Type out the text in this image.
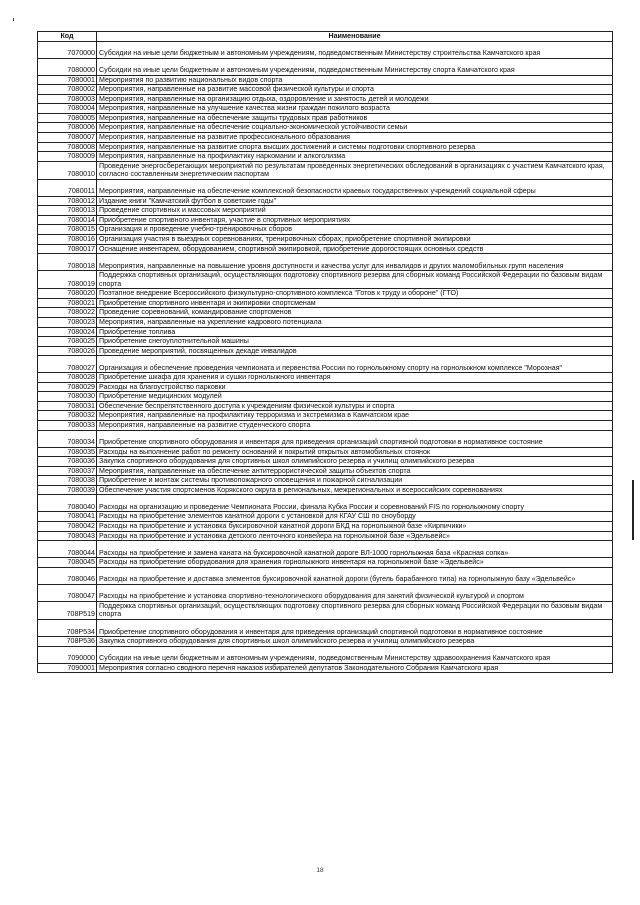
Код	Наименование
7070000	Субсидии на иные цели бюджетным и автономным учреждениям, подведомственным Министерству строительства Камчатского края
7080000	Субсидии на иные цели бюджетным и автономным учреждениям, подведомственным Министерству спорта Камчатского края
7080001	Мероприятия по развитию национальных видов спорта
7080002	Мероприятия, направленные на развитие массовой физической культуры и спорта
7080003	Мероприятия, направленные на организацию отдыха, оздоровление и занятость детей и молодежи
7080004	Мероприятия, направленные на улучшение качества жизни граждан пожилого возраста
7080005	Мероприятия, направленные на обеспечение защиты трудовых прав работников
7080006	Мероприятия, направленные на обеспечение социально-экономической устойчивости семьи
7080007	Мероприятия, направленные на развитие профессионального образования
7080008	Мероприятия, направленные на развитие спорта высших достижений и системы подготовки спортивного резерва
7080009	Мероприятия, направленные на профилактику наркомании и алкоголизма
7080010	Проведение энергосберегающих мероприятий по результатам проведенных энергетических обследований в организациях с участием Камчатского края, согласно составленным энергетическим паспортам
7080011	Мероприятия, направленные на обеспечение комплексной безопасности краевых государственных учреждений социальной сферы
7080012	Издание книги "Камчатский футбол в советские годы"
7080013	Проведение спортивных и массовых мероприятий
7080014	Приобретение спортивного инвентаря, участие в спортивных мероприятиях
7080015	Организация и проведение учебно-тренировочных сборов
7080016	Организация участия в выездных соревнованиях, тренировочных сборах, приобретение спортивной экипировки
7080017	Оснащение инвентарем, оборудованием, спортивной экипировкой, приобретение дорогостоящих основных средств
7080018	Мероприятия, направленные на повышение уровня доступности и качества услуг для инвалидов и других маломобильных групп населения
7080019	Поддержка спортивных организаций, осуществляющих подготовку спортивного резерва для сборных команд Российской Федерации по базовым видам спорта
7080020	Поэтапное внедрение Всероссийского физкультурно-спортивного комплекса "Готов к труду и обороне" (ГТО)
7080021	Приобретение спортивного инвентаря и экипировки спортсменам
7080022	Проведение соревнований, командирование спортсменов
7080023	Мероприятия, направленные на укрепление кадрового потенциала
7080024	Приобретение топлива
7080025	Приобретение снегоуплотнительной машины
7080026	Проведение мероприятий, посвященных декаде инвалидов
7080027	Организация и обеспечение проведения чемпионата и первенства России по горнолыжному спорту на горнолыжном комплексе "Морозная"
7080028	Приобретение шкафа для хранения и сушки горнолыжного инвентаря
7080029	Расходы на благоустройство парковки
7080030	Приобретение медицинских модулей
7080031	Обеспечение беспрепятственного доступа к учреждениям физической культуры и спорта
7080032	Мероприятия, направленные на профилактику терроризма и экстремизма в Камчатском крае
7080033	Мероприятия, направленные на развитие студенческого спорта
7080034	Приобретение спортивного оборудования и инвентаря для приведения организаций спортивной подготовки в нормативное состояние
7080035	Расходы на выполнение работ по ремонту оснований и покрытий открытых автомобильных стоянок
7080036	Закупка спортивного оборудования для спортивных школ олимпийского резерва и училищ олимпийского резерва
7080037	Мероприятия, направленные на обеспечение антитеррористической защиты объектов спорта
7080038	Приобретение и монтаж системы противопожарного оповещения и пожарной сигнализации
7080039	Обеспечение участия спортсменов Корякского округа в региональных, межрегиональных и всероссийских соревнованиях
7080040	Расходы на организацию и проведение Чемпионата России, финала Кубка России и соревнований FIS по горнолыжному спорту
7080041	Расходы на приобретение элементов канатной дороги с установкой для КГАУ СШ по сноуборду
7080042	Расходы на приобретение и установка буксировочной канатной дороги БКД на горнолыжной базе «Кирпичики»
7080043	Расходы на приобретение и установка детского ленточного конвейера на горнолыжной базе «Эдельвейс»
7080044	Расходы на приобретение и замена каната на буксировочной канатной дороге ВЛ-1000 горнолыжная база «Красная сопка»
7080045	Расходы на приобретение оборудования для хранения горнолыжного инвентаря на горнолыжной базе «Эдельвейс»
7080046	Расходы на приобретение и доставка элементов буксировочной канатной дороги (бугель барабанного типа) на горнолыжную базу «Эдельвейс»
7080047	Расходы на приобретение и установка спортивно-технологического оборудования для занятий физической культурой и спортом
708P519	Поддержка спортивных организаций, осуществляющих подготовку спортивного резерва для сборных команд Российской Федерации по базовым видам спорта
708P534	Приобретение спортивного оборудования и инвентаря для приведения организаций спортивной подготовки в нормативное состояние
708P536	Закупка спортивного оборудования для спортивных школ олимпийского резерва и училищ олимпийского резерва
7090000	Субсидии на иные цели бюджетным и автономным учреждениям, подведомственным Министерству здравоохранения Камчатского края
7090001	Мероприятия согласно сводного перечня наказов избирателей депутатов Законодательного Собрания Камчатского края
18
